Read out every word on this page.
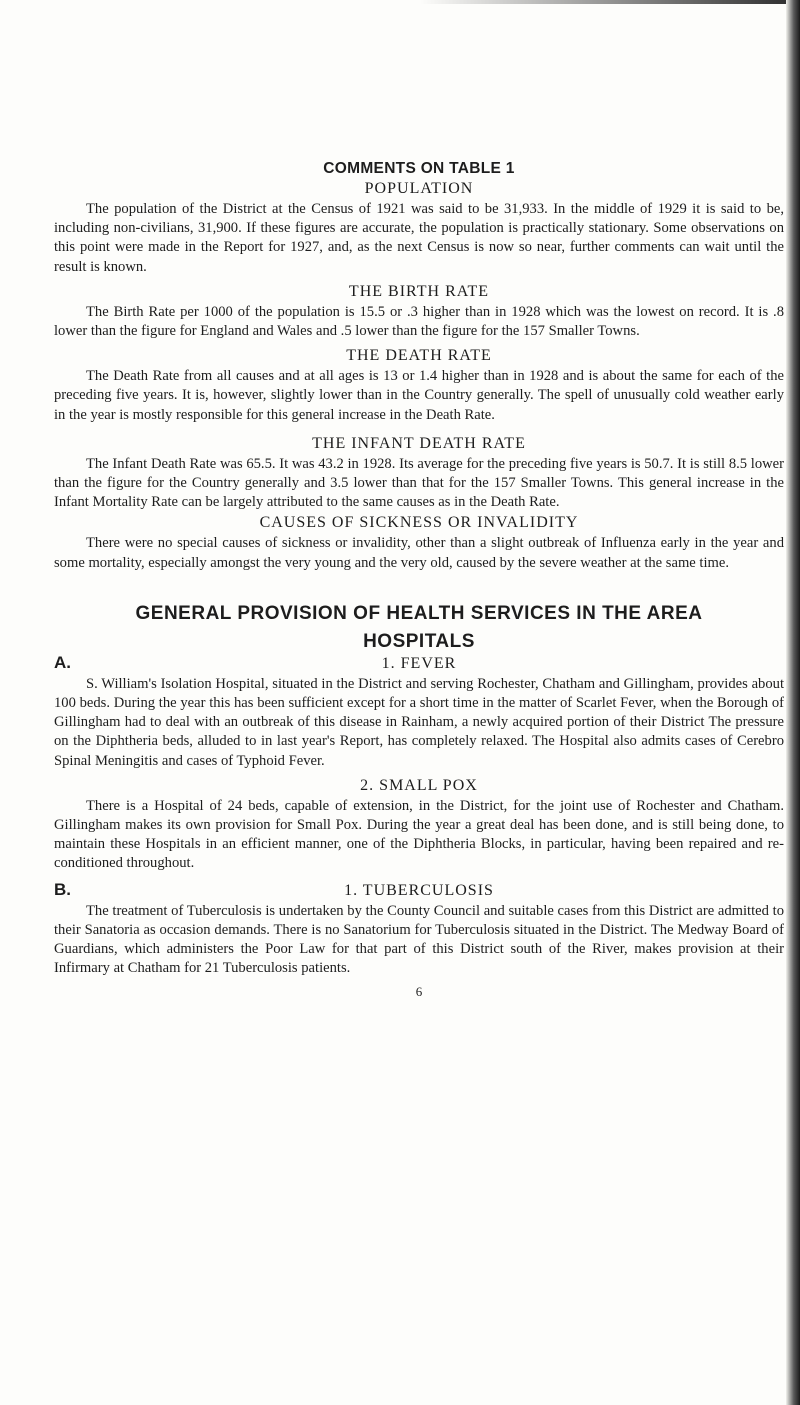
COMMENTS ON TABLE 1
POPULATION

The population of the District at the Census of 1921 was said to be 31,933. In the middle of 1929 it is said to be, including non-civilians, 31,900. If these figures are accurate, the population is practically stationary. Some observations on this point were made in the Report for 1927, and, as the next Census is now so near, further comments can wait until the result is known.

THE BIRTH RATE

The Birth Rate per 1000 of the population is 15.5 or .3 higher than in 1928 which was the lowest on record. It is .8 lower than the figure for England and Wales and .5 lower than the figure for the 157 Smaller Towns.

THE DEATH RATE

The Death Rate from all causes and at all ages is 13 or 1.4 higher than in 1928 and is about the same for each of the preceding five years. It is, however, slightly lower than in the Country generally. The spell of unusually cold weather early in the year is mostly responsible for this general increase in the Death Rate.

THE INFANT DEATH RATE

The Infant Death Rate was 65.5. It was 43.2 in 1928. Its average for the preceding five years is 50.7. It is still 8.5 lower than the figure for the Country generally and 3.5 lower than that for the 157 Smaller Towns. This general increase in the Infant Mortality Rate can be largely attributed to the same causes as in the Death Rate.

CAUSES OF SICKNESS OR INVALIDITY

There were no special causes of sickness or invalidity, other than a slight outbreak of Influenza early in the year and some mortality, especially amongst the very young and the very old, caused by the severe weather at the same time.

GENERAL PROVISION OF HEALTH SERVICES IN THE AREA
HOSPITALS
A.	1. FEVER

S. William's Isolation Hospital, situated in the District and serving Rochester, Chatham and Gillingham, provides about 100 beds. During the year this has been sufficient except for a short time in the matter of Scarlet Fever, when the Borough of Gillingham had to deal with an outbreak of this disease in Rainham, a newly acquired portion of their District The pressure on the Diphtheria beds, alluded to in last year's Report, has completely relaxed. The Hospital also admits cases of Cerebro Spinal Meningitis and cases of Typhoid Fever.

2. SMALL POX

There is a Hospital of 24 beds, capable of extension, in the District, for the joint use of Rochester and Chatham. Gillingham makes its own provision for Small Pox. During the year a great deal has been done, and is still being done, to maintain these Hospitals in an efficient manner, one of the Diphtheria Blocks, in particular, having been repaired and re-conditioned throughout.

B.	1. TUBERCULOSIS

The treatment of Tuberculosis is undertaken by the County Council and suitable cases from this District are admitted to their Sanatoria as occasion demands. There is no Sanatorium for Tuberculosis situated in the District. The Medway Board of Guardians, which administers the Poor Law for that part of this District south of the River, makes provision at their Infirmary at Chatham for 21 Tuberculosis patients.

6
